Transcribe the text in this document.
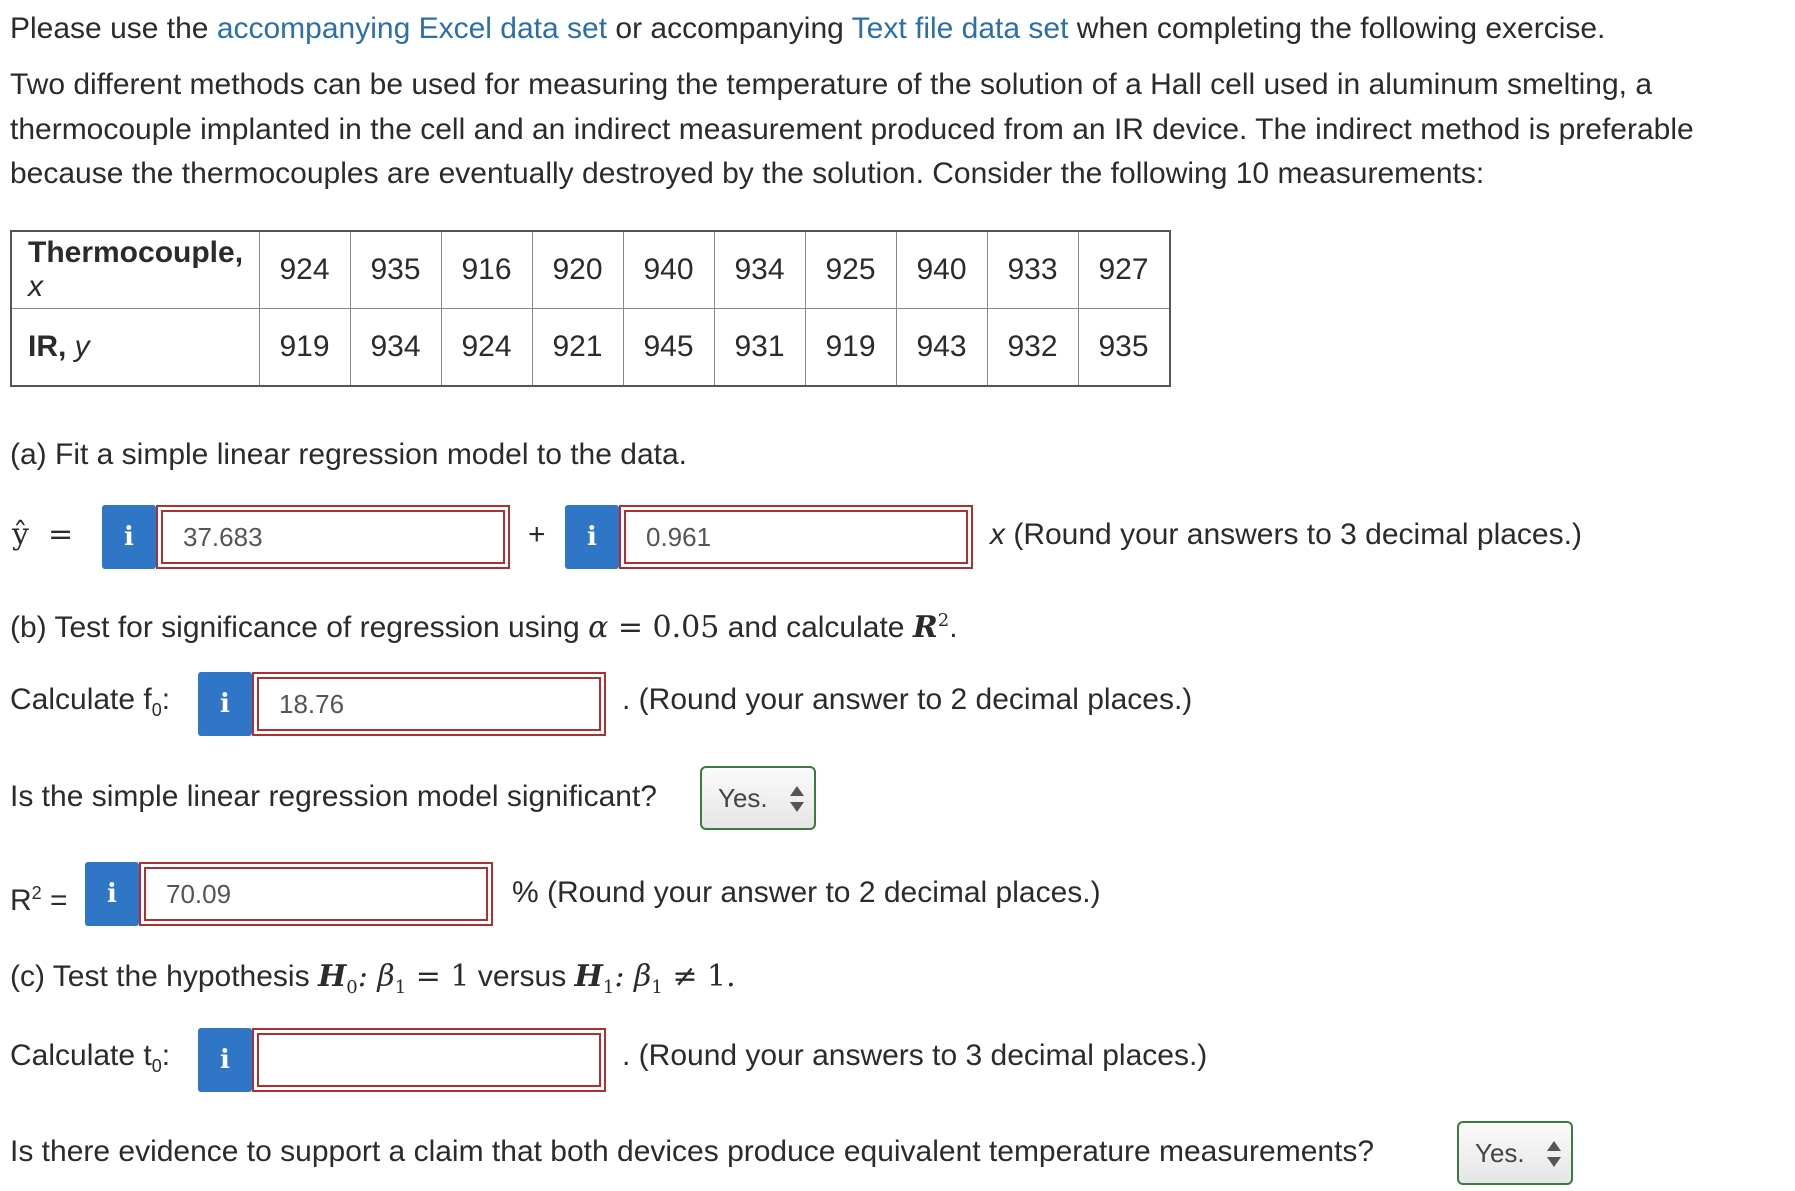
Please use the accompanying Excel data set or accompanying Text file data set when completing the following exercise.
Two different methods can be used for measuring the temperature of the solution of a Hall cell used in aluminum smelting, a
thermocouple implanted in the cell and an indirect measurement produced from an IR device. The indirect method is preferable
because the thermocouples are eventually destroyed by the solution. Consider the following 10 measurements:
Thermocouple, x	924	935	916	920	940	934	925	940	933	927
IR, y	919	934	924	921	945	931	919	943	932	935
(a) Fit a simple linear regression model to the data.
ŷ =	i	37.683	+	i	0.961	x (Round your answers to 3 decimal places.)
(b) Test for significance of regression using α = 0.05 and calculate $R^2$.
Calculate $f_0$:	i	18.76	. (Round your answer to 2 decimal places.)
Is the simple linear regression model significant? Yes.
$R^2$ =	i	70.09	% (Round your answer to 2 decimal places.)
(c) Test the hypothesis $H_0$: $\beta_1 = 1$ versus $H_1$: $\beta_1 \ne 1$.
Calculate $t_0$:	i	. (Round your answers to 3 decimal places.)
Is there evidence to support a claim that both devices produce equivalent temperature measurements?	Yes.
